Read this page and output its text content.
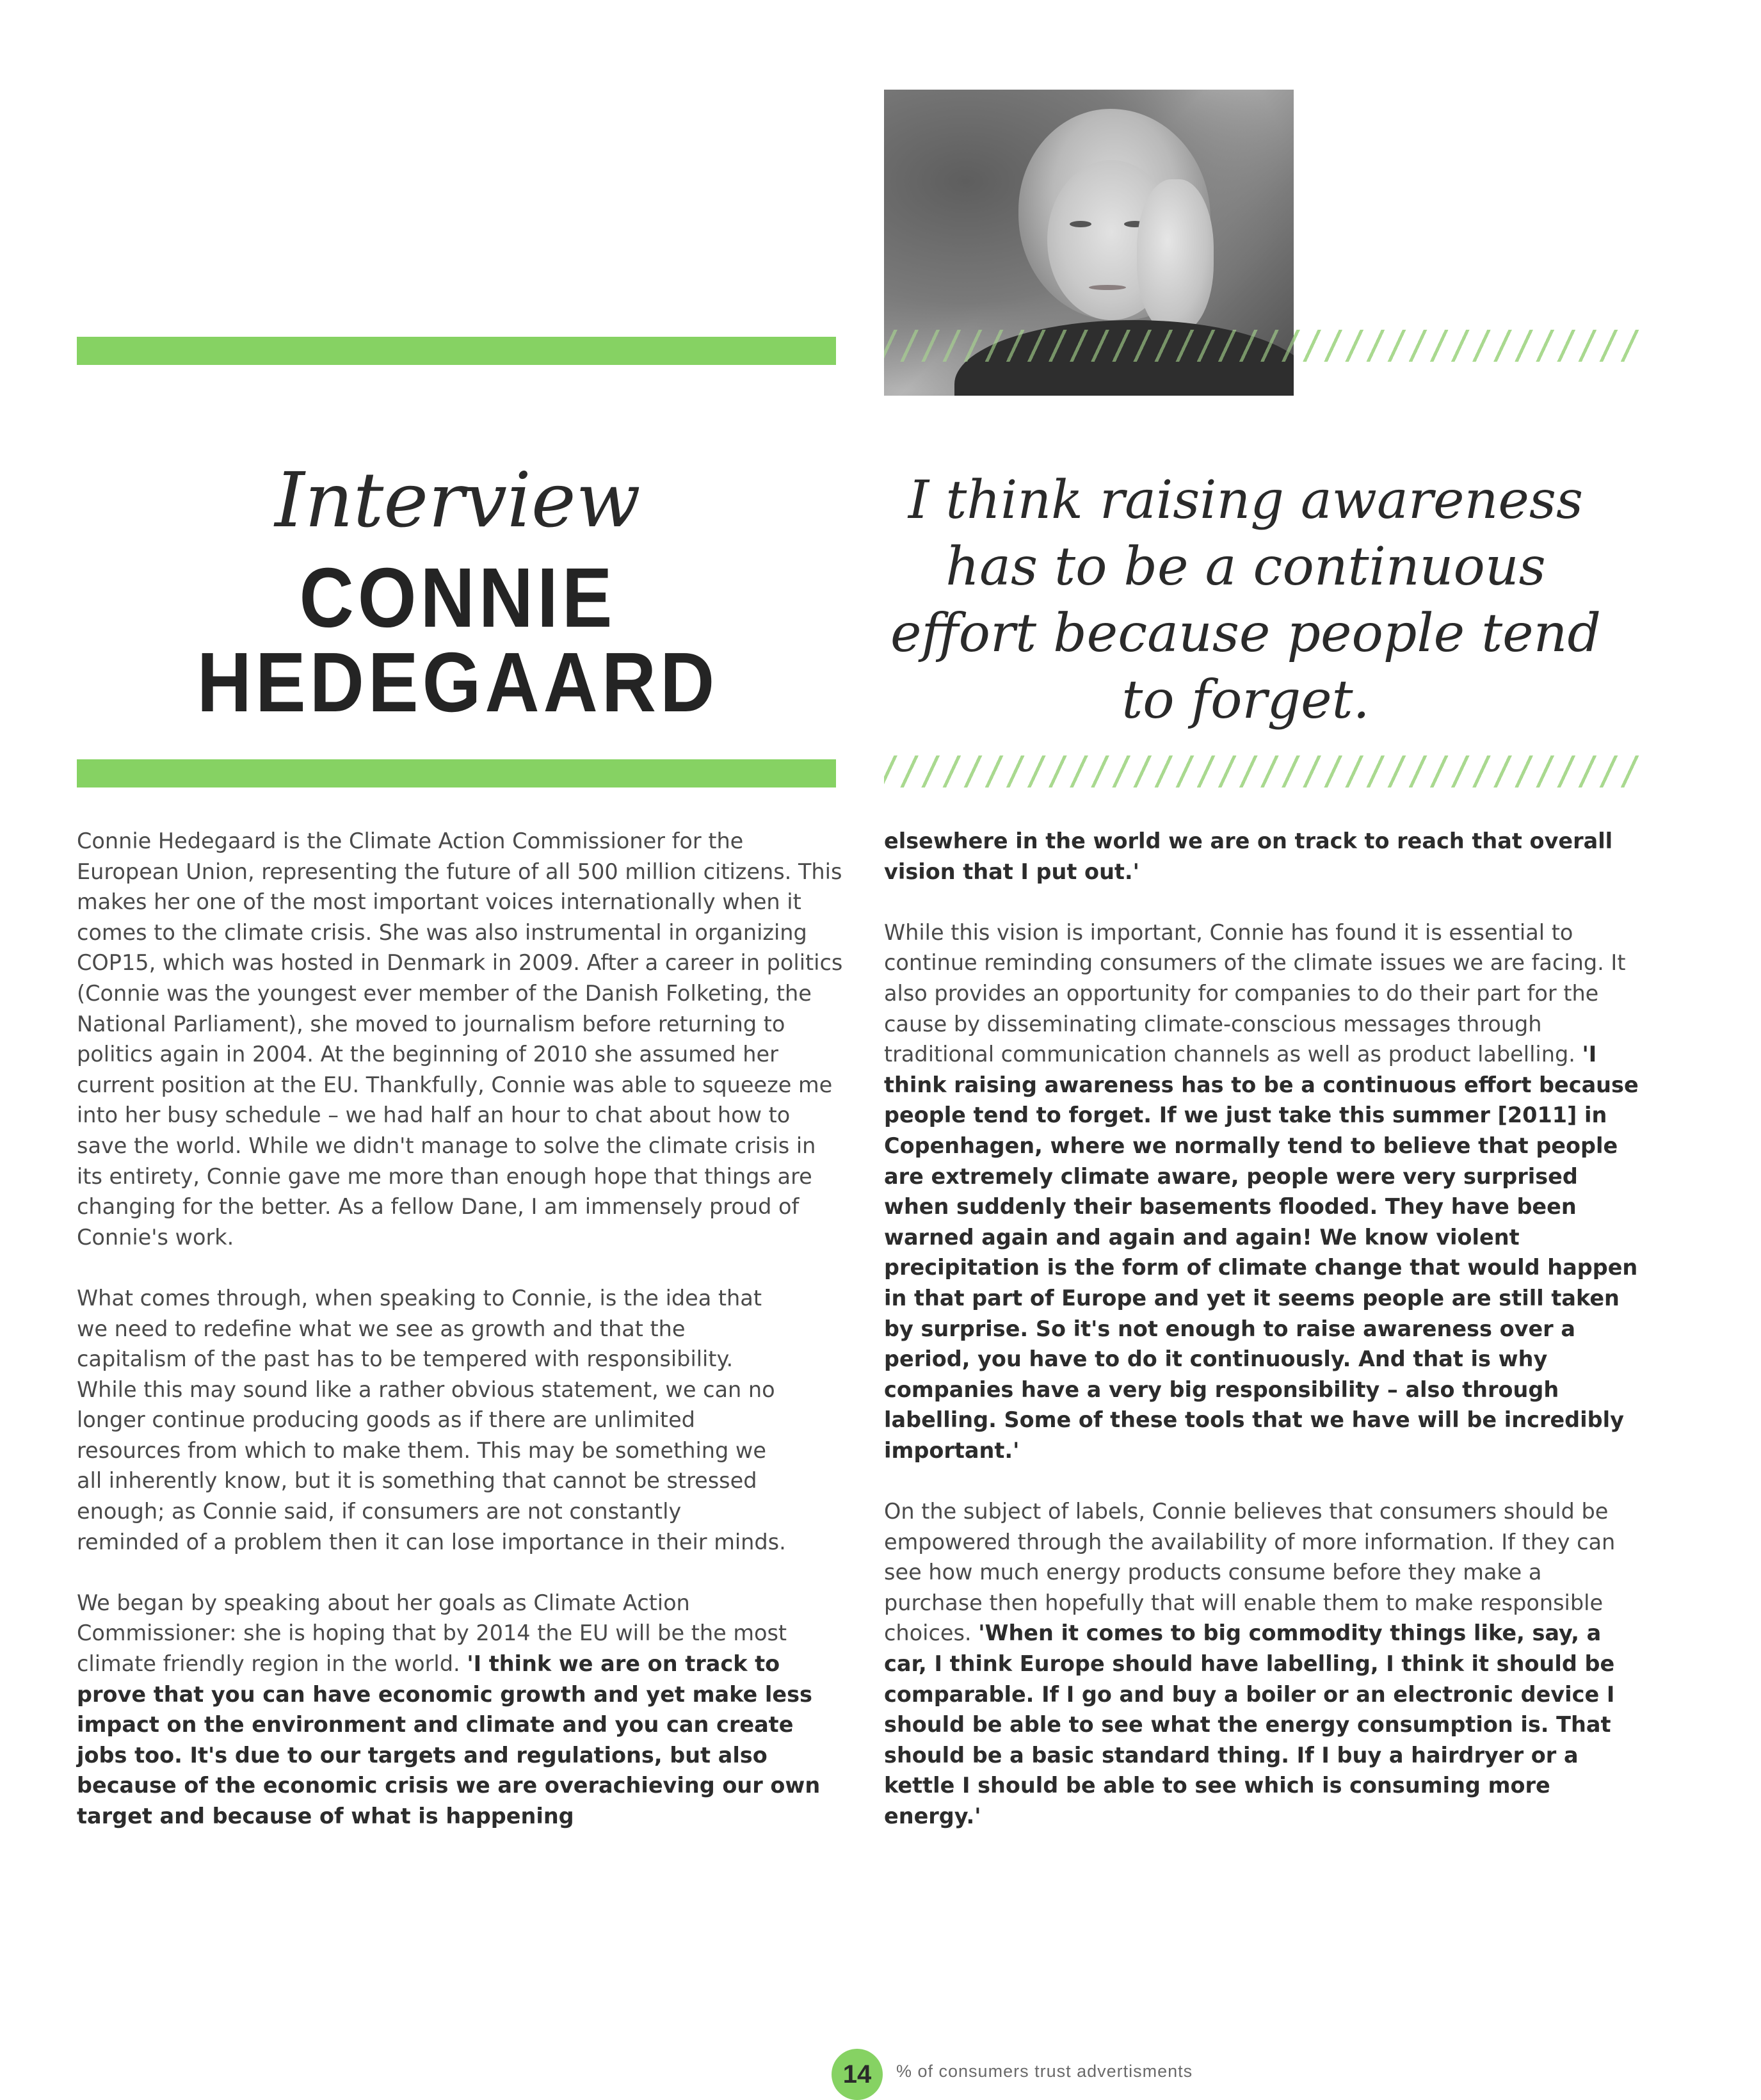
Interview
CONNIE HEDEGAARD
I think raising awareness has to be a continuous effort because people tend to forget.

Connie Hedegaard is the Climate Action Commissioner for the European Union, representing the future of all 500 million citizens. This makes her one of the most important voices internationally when it comes to the climate crisis. She was also instrumental in organizing COP15, which was hosted in Denmark in 2009. After a career in politics (Connie was the youngest ever member of the Danish Folketing, the National Parliament), she moved to journalism before returning to politics again in 2004. At the beginning of 2010 she assumed her current position at the EU. Thankfully, Connie was able to squeeze me into her busy schedule – we had half an hour to chat about how to save the world. While we didn't manage to solve the climate crisis in its entirety, Connie gave me more than enough hope that things are changing for the better. As a fellow Dane, I am immensely proud of Connie's work.

What comes through, when speaking to Connie, is the idea that we need to redefine what we see as growth and that the capitalism of the past has to be tempered with responsibility. While this may sound like a rather obvious statement, we can no longer continue producing goods as if there are unlimited resources from which to make them. This may be something we all inherently know, but it is something that cannot be stressed enough; as Connie said, if consumers are not constantly reminded of a problem then it can lose importance in their minds.

We began by speaking about her goals as Climate Action Commissioner: she is hoping that by 2014 the EU will be the most climate friendly region in the world. 'I think we are on track to prove that you can have economic growth and yet make less impact on the environment and climate and you can create jobs too. It's due to our targets and regulations, but also because of the economic crisis we are overachieving our own target and because of what is happening

elsewhere in the world we are on track to reach that overall vision that I put out.'

While this vision is important, Connie has found it is essential to continue reminding consumers of the climate issues we are facing. It also provides an opportunity for companies to do their part for the cause by disseminating climate-conscious messages through traditional communication channels as well as product labelling. 'I think raising awareness has to be a continuous effort because people tend to forget. If we just take this summer [2011] in Copenhagen, where we normally tend to believe that people are extremely climate aware, people were very surprised when suddenly their basements flooded. They have been warned again and again and again! We know violent precipitation is the form of climate change that would happen in that part of Europe and yet it seems people are still taken by surprise. So it's not enough to raise awareness over a period, you have to do it continuously. And that is why companies have a very big responsibility – also through labelling. Some of these tools that we have will be incredibly important.'

On the subject of labels, Connie believes that consumers should be empowered through the availability of more information. If they can see how much energy products consume before they make a purchase then hopefully that will enable them to make responsible choices. 'When it comes to big commodity things like, say, a car, I think Europe should have labelling, I think it should be comparable. If I go and buy a boiler or an electronic device I should be able to see what the energy consumption is. That should be a basic standard thing. If I buy a hairdryer or a kettle I should be able to see which is consuming more energy.'

14	% of consumers trust advertisments
